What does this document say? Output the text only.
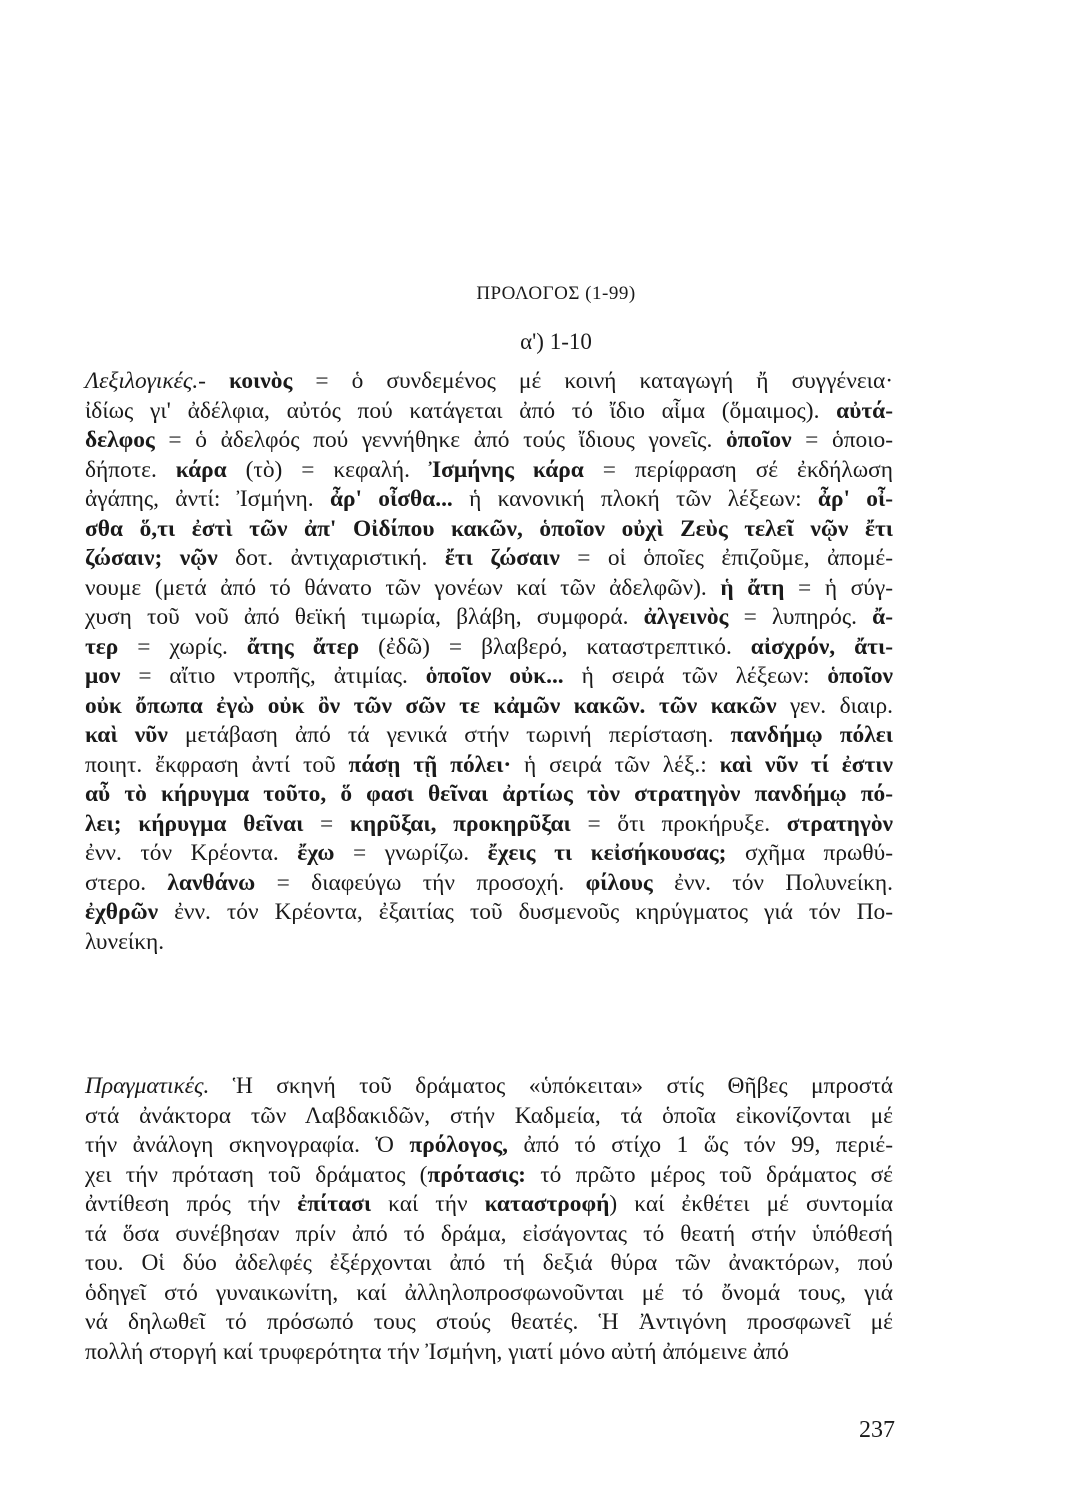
ΠΡΟΛΟΓΟΣ (1-99)
α') 1-10
Λεξιλογικές.- κοινὸς = ὁ συνδεμένος μέ κοινή καταγωγή ἤ συγγένεια·
ἰδίως γι' ἀδέλφια, αὐτός πού κατάγεται ἀπό τό ἴδιο αἷμα (ὅμαιμος). αὐτά-
δελφος = ὁ ἀδελφός πού γεννήθηκε ἀπό τούς ἴδιους γονεῖς. ὁποῖον = ὁποιο-
δήποτε. κάρα (τὸ) = κεφαλή. Ἰσμήνης κάρα = περίφραση σέ ἐκδήλωση
ἀγάπης, ἀντί: Ἰσμήνη. ἆρ' οἶσθα... ἡ κανονική πλοκή τῶν λέξεων: ἆρ' οἶ-
σθα ὅ,τι ἐστὶ τῶν ἀπ' Οἰδίπου κακῶν, ὁποῖον οὐχὶ Ζεὺς τελεῖ νῷν ἔτι
ζώσαιν; νῷν δοτ. ἀντιχαριστική. ἔτι ζώσαιν = οἱ ὁποῖες ἐπιζοῦμε, ἀπομέ-
νουμε (μετά ἀπό τό θάνατο τῶν γονέων καί τῶν ἀδελφῶν). ἡ ἄτη = ἡ σύγ-
χυση τοῦ νοῦ ἀπό θεϊκή τιμωρία, βλάβη, συμφορά. ἀλγεινὸς = λυπηρός. ἄ-
τερ = χωρίς. ἄτης ἄτερ (ἐδῶ) = βλαβερό, καταστρεπτικό. αἰσχρόν, ἄτι-
μον = αἴτιο ντροπῆς, ἀτιμίας. ὁποῖον οὐκ... ἡ σειρά τῶν λέξεων: ὁποῖον
οὐκ ὄπωπα ἐγὼ οὐκ ὂν τῶν σῶν τε κἀμῶν κακῶν. τῶν κακῶν γεν. διαιρ.
καὶ νῦν μετάβαση ἀπό τά γενικά στήν τωρινή περίσταση. πανδήμῳ πόλει
ποιητ. ἔκφραση ἀντί τοῦ πάσῃ τῇ πόλει· ἡ σειρά τῶν λέξ.: καὶ νῦν τί ἐστιν
αὖ τὸ κήρυγμα τοῦτο, ὅ φασι θεῖναι ἀρτίως τὸν στρατηγὸν πανδήμῳ πό-
λει; κήρυγμα θεῖναι = κηρῦξαι, προκηρῦξαι = ὅτι προκήρυξε. στρατηγὸν
ἐνν. τόν Κρέοντα. ἔχω = γνωρίζω. ἔχεις τι κεἰσήκουσας; σχῆμα πρωθύ-
στερο. λανθάνω = διαφεύγω τήν προσοχή. φίλους ἐνν. τόν Πολυνείκη.
ἐχθρῶν ἐνν. τόν Κρέοντα, ἐξαιτίας τοῦ δυσμενοῦς κηρύγματος γιά τόν Πο-
λυνείκη.
Πραγματικές. Ἡ σκηνή τοῦ δράματος «ὑπόκειται» στίς Θῆβες μπροστά
στά ἀνάκτορα τῶν Λαβδακιδῶν, στήν Καδμεία, τά ὁποῖα εἰκονίζονται μέ
τήν ἀνάλογη σκηνογραφία. Ὁ πρόλογος, ἀπό τό στίχο 1 ὥς τόν 99, περιέ-
χει τήν πρόταση τοῦ δράματος (πρότασις: τό πρῶτο μέρος τοῦ δράματος σέ
ἀντίθεση πρός τήν ἐπίτασι καί τήν καταστροφή) καί ἐκθέτει μέ συντομία
τά ὅσα συνέβησαν πρίν ἀπό τό δράμα, εἰσάγοντας τό θεατή στήν ὑπόθεσή
του. Οἱ δύο ἀδελφές ἐξέρχονται ἀπό τή δεξιά θύρα τῶν ἀνακτόρων, πού
ὁδηγεῖ στό γυναικωνίτη, καί ἀλληλοπροσφωνοῦνται μέ τό ὄνομά τους, γιά
νά δηλωθεῖ τό πρόσωπό τους στούς θεατές. Ἡ Ἀντιγόνη προσφωνεῖ μέ
πολλή στοργή καί τρυφερότητα τήν Ἰσμήνη, γιατί μόνο αὐτή ἀπόμεινε ἀπό
237
